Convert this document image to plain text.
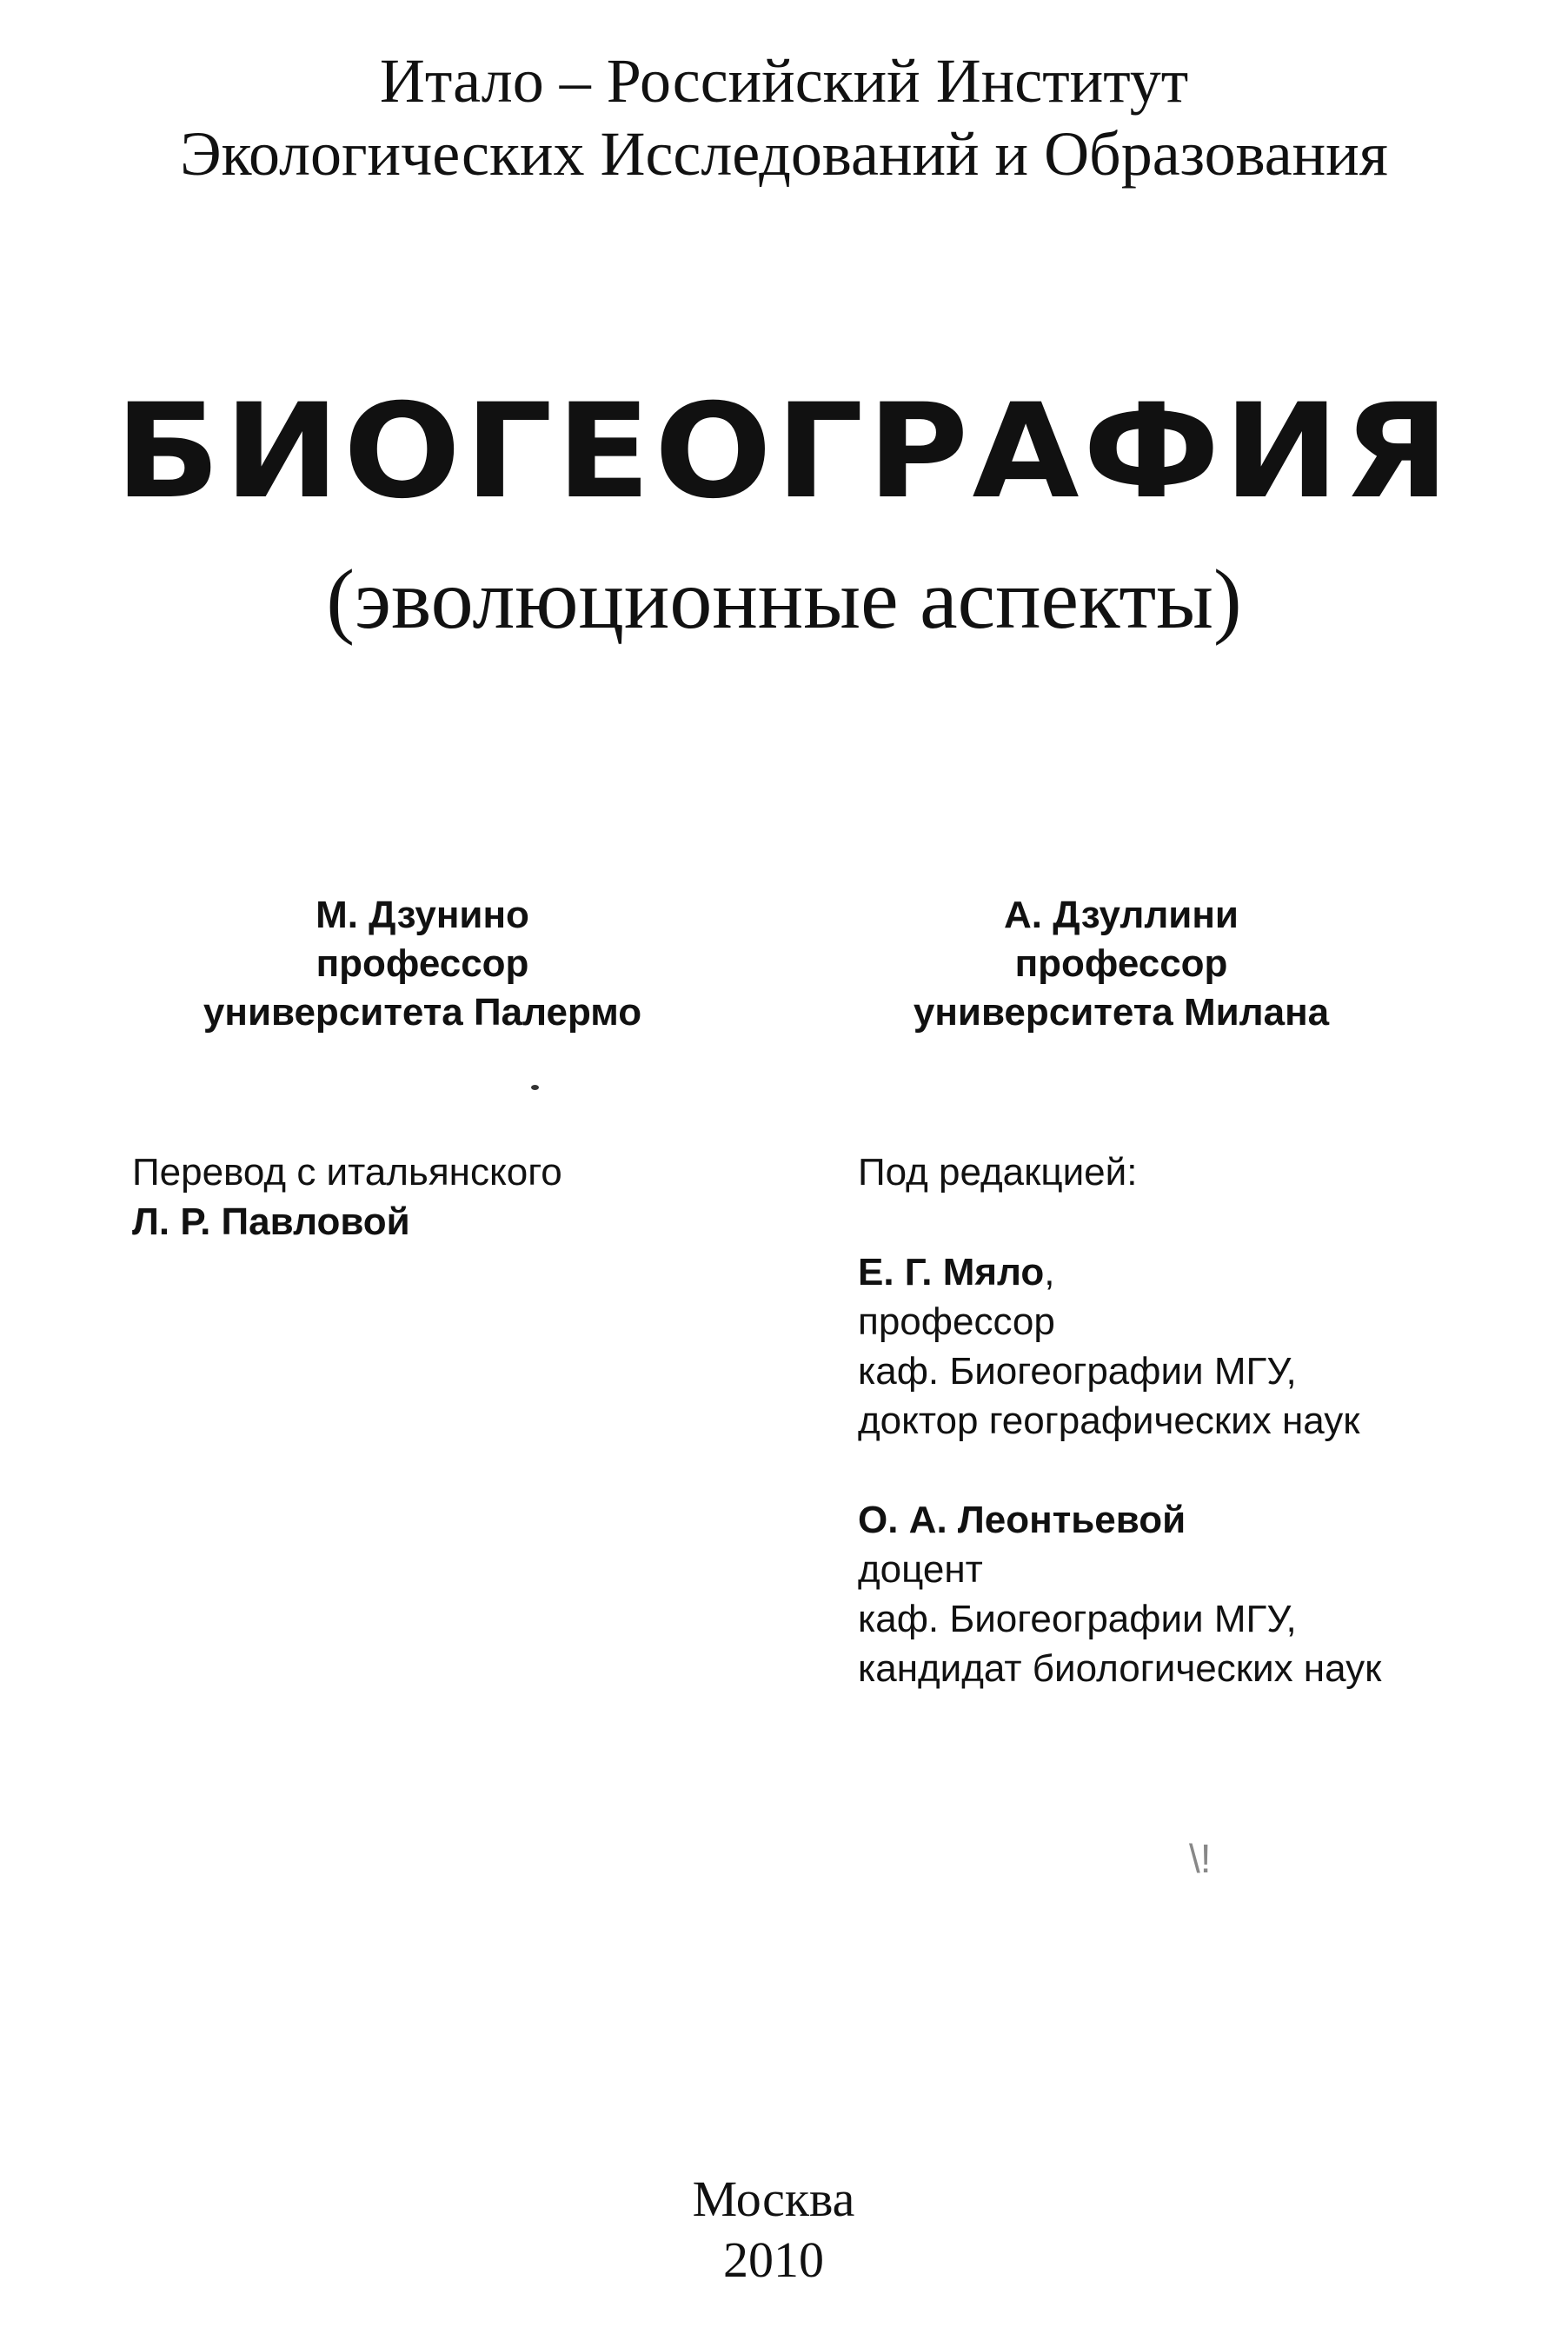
Итало – Российский Институт
Экологических Исследований и Образования
БИОГЕОГРАФИЯ
(эволюционные аспекты)
М. Дзунино
профессор
университета Палермо
А. Дзуллини
профессор
университета Милана
Перевод с итальянского
Л. Р. Павловой
Под редакцией:
Е. Г. Мяло,
профессор
каф. Биогеографии МГУ,
доктор географических наук
О. А. Леонтьевой
доцент
каф. Биогеографии МГУ,
кандидат биологических наук
\!
Москва
2010
